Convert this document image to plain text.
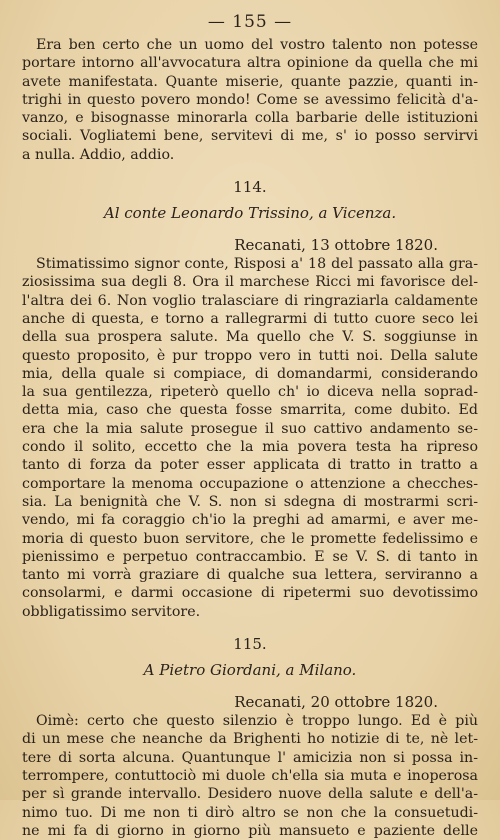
— 155 —

Era ben certo che un uomo del vostro talento non potesse

portare intorno all'avvocatura altra opinione da quella che mi

avete manifestata. Quante miserie, quante pazzie, quanti in-

trighi in questo povero mondo! Come se avessimo felicità d'a-

vanzo, e bisognasse minorarla colla barbarie delle istituzioni

sociali. Vogliatemi bene, servitevi di me, s' io posso servirvi

a nulla. Addio, addio.

114.
Al conte Leonardo Trissino, a Vicenza.
Recanati, 13 ottobre 1820.

Stimatissimo signor conte, Risposi a' 18 del passato alla gra-

ziosissima sua degli 8. Ora il marchese Ricci mi favorisce del-

l'altra dei 6. Non voglio tralasciare di ringraziarla caldamente

anche di questa, e torno a rallegrarmi di tutto cuore seco lei

della sua prospera salute. Ma quello che V. S. soggiunse in

questo proposito, è pur troppo vero in tutti noi. Della salute

mia, della quale si compiace, di domandarmi, considerando

la sua gentilezza, ripeterò quello ch' io diceva nella soprad-

detta mia, caso che questa fosse smarrita, come dubito. Ed

era che la mia salute prosegue il suo cattivo andamento se-

condo il solito, eccetto che la mia povera testa ha ripreso

tanto di forza da poter esser applicata di tratto in tratto a

comportare la menoma occupazione o attenzione a checches-

sia. La benignità che V. S. non si sdegna di mostrarmi scri-

vendo, mi fa coraggio ch'io la preghi ad amarmi, e aver me-

moria di questo buon servitore, che le promette fedelissimo e

pienissimo e perpetuo contraccambio. E se V. S. di tanto in

tanto mi vorrà graziare di qualche sua lettera, serviranno a

consolarmi, e darmi occasione di ripetermi suo devotissimo

obbligatissimo servitore.

115.
A Pietro Giordani, a Milano.
Recanati, 20 ottobre 1820.

Oimè: certo che questo silenzio è troppo lungo. Ed è più

di un mese che neanche da Brighenti ho notizie di te, nè let-

tere di sorta alcuna. Quantunque l' amicizia non si possa in-

terrompere, contuttociò mi duole ch'ella sia muta e inoperosa

per sì grande intervallo. Desidero nuove della salute e dell'a-

nimo tuo. Di me non ti dirò altro se non che la consuetudi-

ne mi fa di giorno in giorno più mansueto e paziente delle
